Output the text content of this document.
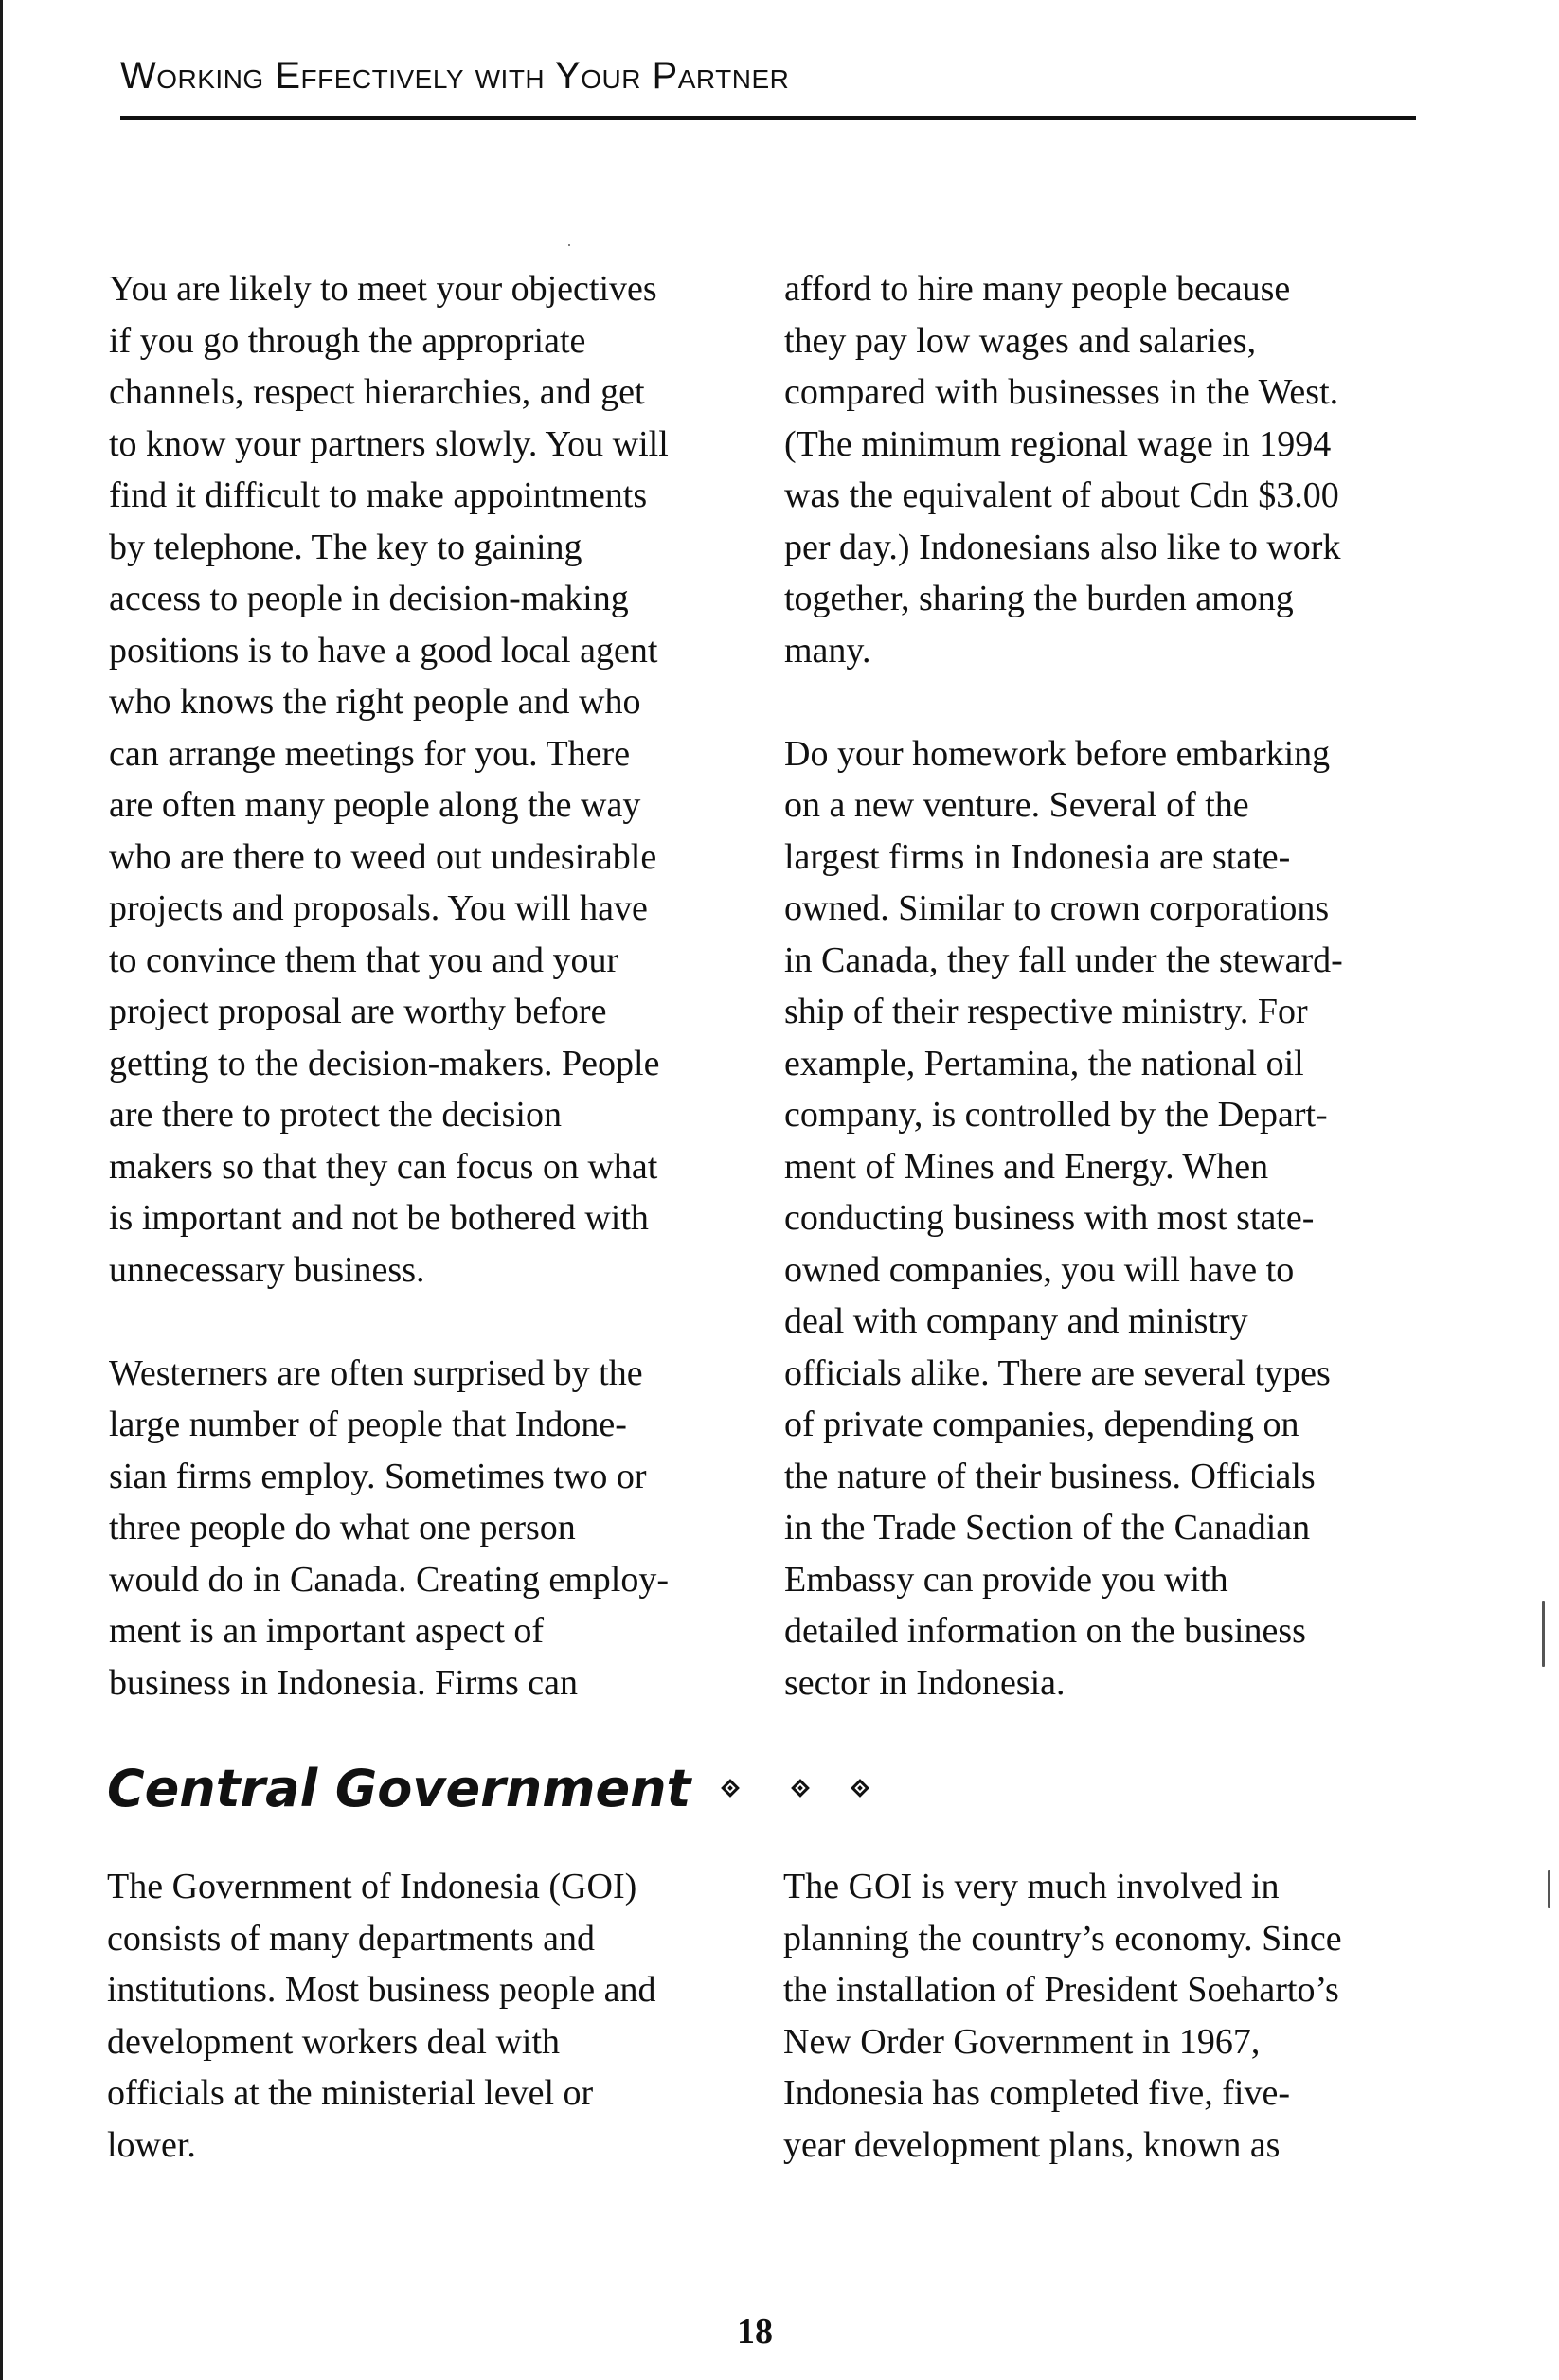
Working Effectively with Your Partner

You are likely to meet your objectives
if you go through the appropriate
channels, respect hierarchies, and get
to know your partners slowly. You will
find it difficult to make appointments
by telephone. The key to gaining
access to people in decision-making
positions is to have a good local agent
who knows the right people and who
can arrange meetings for you. There
are often many people along the way
who are there to weed out undesirable
projects and proposals. You will have
to convince them that you and your
project proposal are worthy before
getting to the decision-makers. People
are there to protect the decision
makers so that they can focus on what
is important and not be bothered with
unnecessary business.

Westerners are often surprised by the
large number of people that Indone-
sian firms employ. Sometimes two or
three people do what one person
would do in Canada. Creating employ-
ment is an important aspect of
business in Indonesia. Firms can

afford to hire many people because
they pay low wages and salaries,
compared with businesses in the West.
(The minimum regional wage in 1994
was the equivalent of about Cdn $3.00
per day.) Indonesians also like to work
together, sharing the burden among
many.

Do your homework before embarking
on a new venture. Several of the
largest firms in Indonesia are state-
owned. Similar to crown corporations
in Canada, they fall under the steward-
ship of their respective ministry. For
example, Pertamina, the national oil
company, is controlled by the Depart-
ment of Mines and Energy. When
conducting business with most state-
owned companies, you will have to
deal with company and ministry
officials alike. There are several types
of private companies, depending on
the nature of their business. Officials
in the Trade Section of the Canadian
Embassy can provide you with
detailed information on the business
sector in Indonesia.

Central Government

The Government of Indonesia (GOI)
consists of many departments and
institutions. Most business people and
development workers deal with
officials at the ministerial level or
lower.

The GOI is very much involved in
planning the country’s economy. Since
the installation of President Soeharto’s
New Order Government in 1967,
Indonesia has completed five, five-
year development plans, known as

18
